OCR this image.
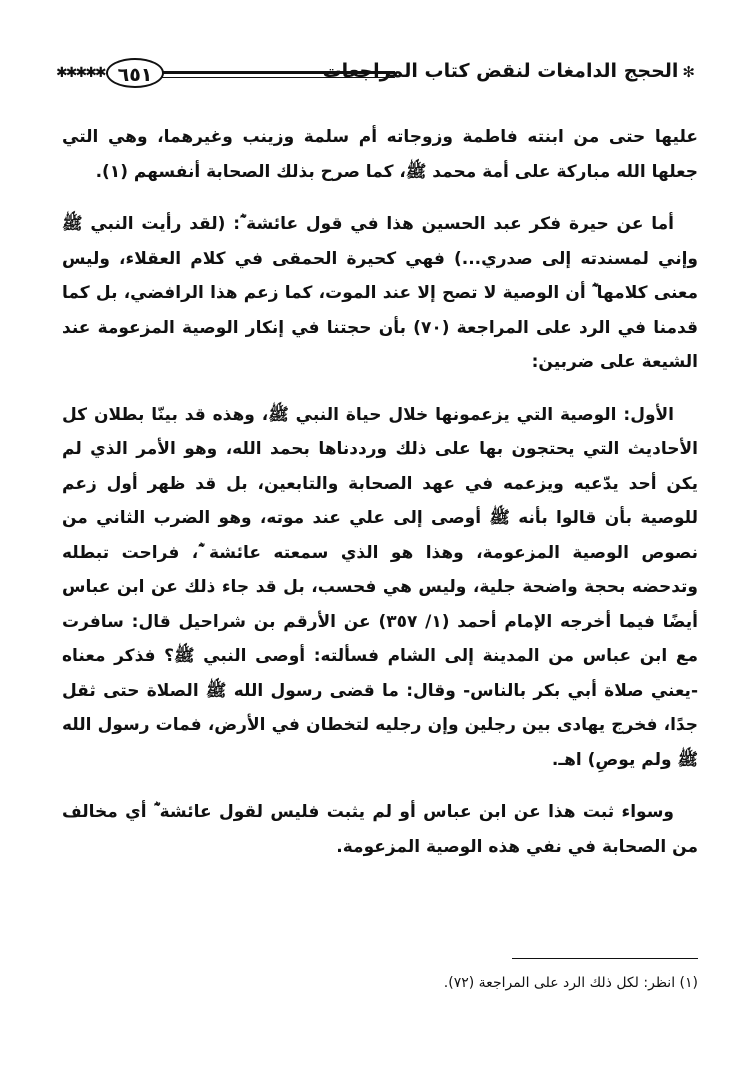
✱✱✱✱✱ ٦٥١	✻الحجج الدامغات لنقض كتاب المراجعات

عليها حتى من ابنته فاطمة وزوجاته أم سلمة وزينب وغيرهما، وهي التي جعلها الله مباركة على أمة محمد ﷺ، كما صرح بذلك الصحابة أنفسهم (١).

أما عن حيرة فكر عبد الحسين هذا في قول عائشة ؓ: (لقد رأيت النبي ﷺ وإني لمسندته إلى صدري...) فهي كحيرة الحمقى في كلام العقلاء، وليس معنى كلامها ؓ أن الوصية لا تصح إلا عند الموت، كما زعم هذا الرافضي، بل كما قدمنا في الرد على المراجعة (٧٠) بأن حجتنا في إنكار الوصية المزعومة عند الشيعة على ضربين:

الأول: الوصية التي يزعمونها خلال حياة النبي ﷺ، وهذه قد بينّا بطلان كل الأحاديث التي يحتجون بها على ذلك ورددناها بحمد الله، وهو الأمر الذي لم يكن أحد يدّعيه ويزعمه في عهد الصحابة والتابعين، بل قد ظهر أول زعم للوصية بأن قالوا بأنه ﷺ أوصى إلى علي عند موته، وهو الضرب الثاني من نصوص الوصية المزعومة، وهذا هو الذي سمعته عائشة ؓ، فراحت تبطله وتدحضه بحجة واضحة جلية، وليس هي فحسب، بل قد جاء ذلك عن ابن عباس أيضًا فيما أخرجه الإمام أحمد (١/ ٣٥٧) عن الأرقم بن شراحيل قال: سافرت مع ابن عباس من المدينة إلى الشام فسألته: أوصى النبي ﷺ؟ فذكر معناه -يعني صلاة أبي بكر بالناس- وقال: ما قضى رسول الله ﷺ الصلاة حتى ثقل جدًا، فخرج يهادى بين رجلين وإن رجليه لتخطان في الأرض، فمات رسول الله ﷺ ولم يوصِ) اهـ.

وسواء ثبت هذا عن ابن عباس أو لم يثبت فليس لقول عائشة ؓ أي مخالف من الصحابة في نفي هذه الوصية المزعومة.

(١) انظر: لكل ذلك الرد على المراجعة (٧٢).
